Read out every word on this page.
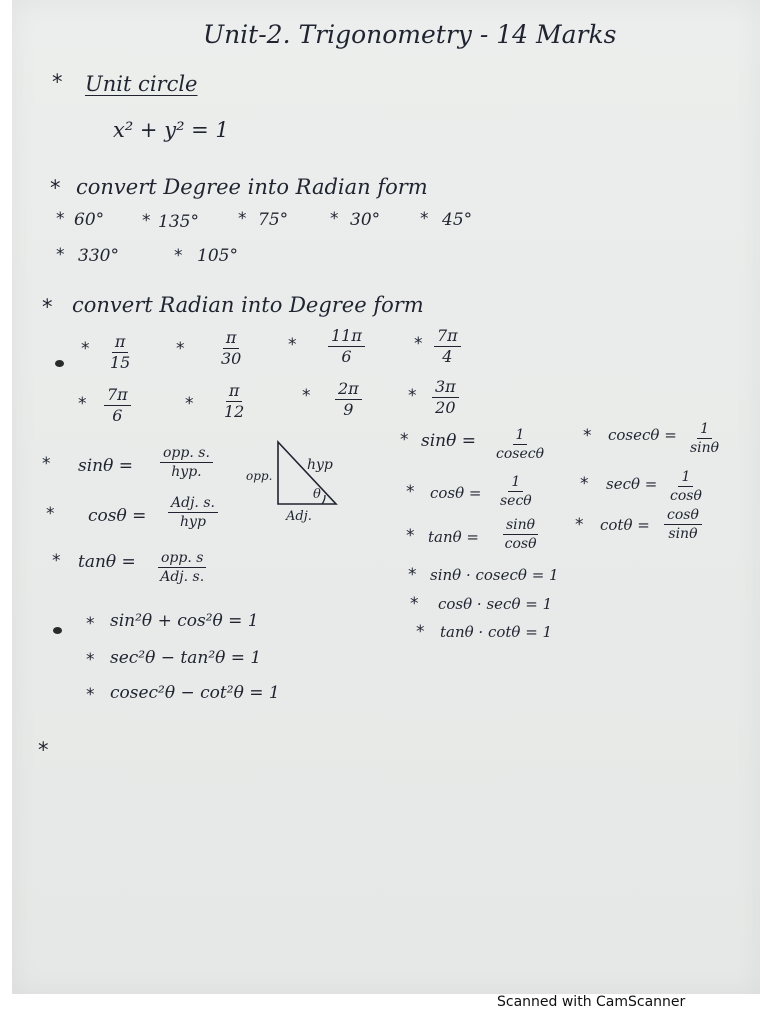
Unit-2. Trigonometry - 14 Marks
* Unit circle
x² + y² = 1
* convert Degree into Radian form
* 60° * 135° * 75° * 30° * 45°
* 330°	* 105°
* convert Radian into Degree form
* $\frac{\pi}{15}$	* $\frac{\pi}{30}$	* $\frac{11\pi}{6}$	* $\frac{7\pi}{4}$
* $\frac{7\pi}{6}$	* $\frac{\pi}{12}$	* $\frac{2\pi}{9}$	* $\frac{3\pi}{20}$
* sinθ =
opp. s.
hyp.
* cosθ =
Adj. s.
hyp
* tanθ = opp. s
Adj. s.
opp.
hyp
Adj.
θ
* sinθ =	1
cosecθ
* $cosec\theta = \frac{1}{\sin\theta}$
* cosθ =
1
secθ
* $\sec\theta = \frac{1}{\cos\theta}$
* $\tan\theta = \frac{\sin\theta}{\cos\theta} * \cot\theta = \frac{\cos\theta}{\sin\theta}$
* sinθ · cosecθ = 1
* cosθ · secθ = 1
* tanθ · cotθ = 1
* sin²θ + cos²θ = 1
* sec²θ − tan²θ = 1
* cosec²θ − cot²θ = 1
*
Scanned with CamScanner
